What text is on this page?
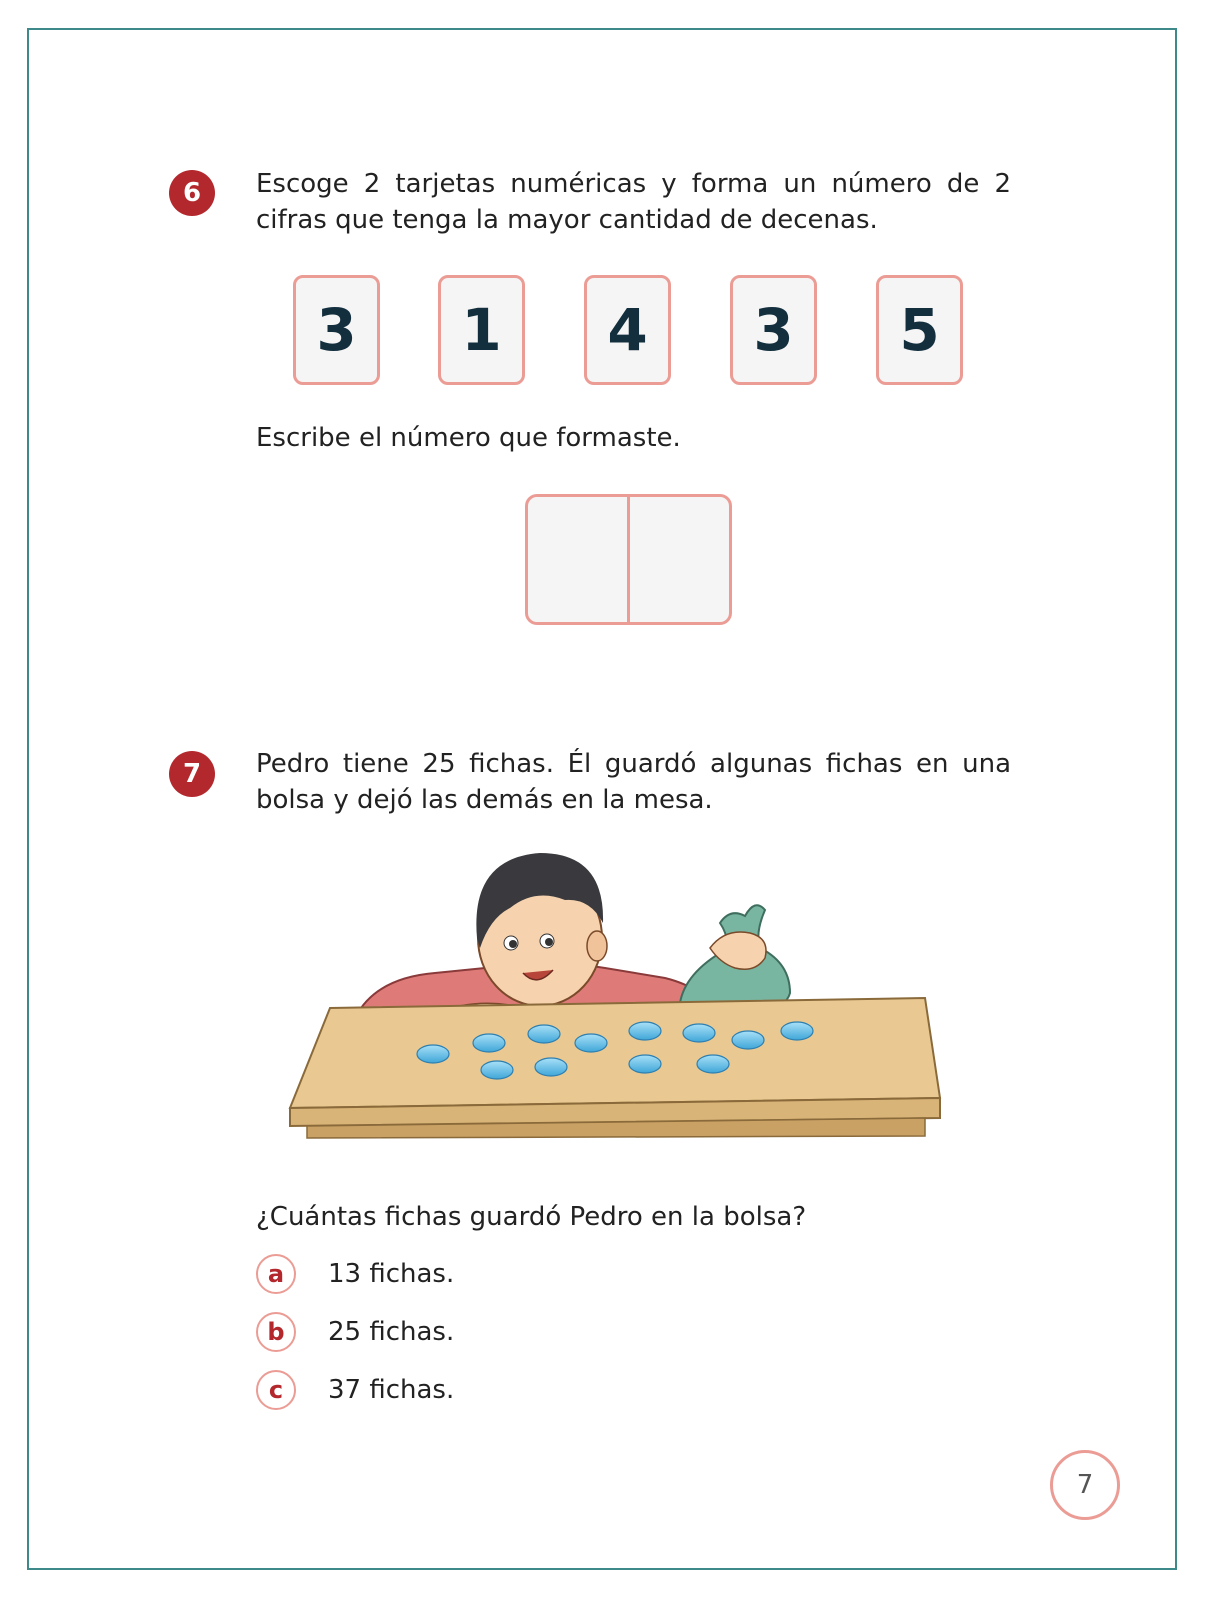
6 Escoge 2 tarjetas numéricas y forma un número de 2 cifras que tenga la mayor cantidad de decenas.
3	1	4	3	5
Escribe el número que formaste.
7 Pedro tiene 25 fichas. Él guardó algunas fichas en una bolsa y dejó las demás en la mesa.
¿Cuántas fichas guardó Pedro en la bolsa?
a	13 fichas.
b	25 fichas.
c	37 fichas.
7
